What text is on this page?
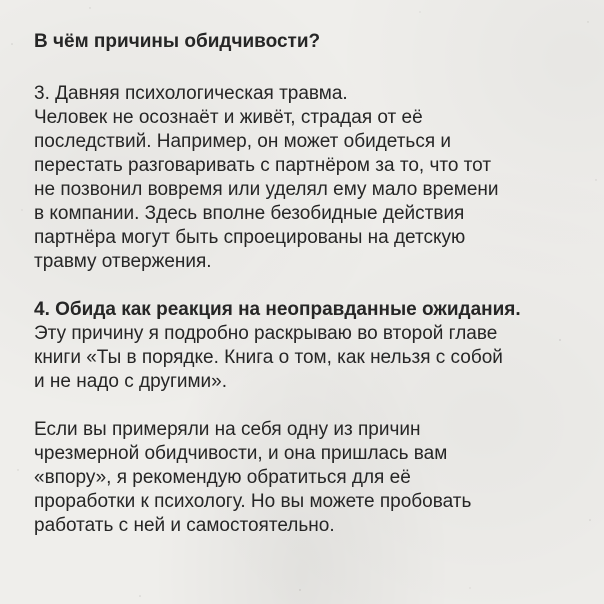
В чём причины обидчивости?

3. Давняя психологическая травма.

Человек не осознаёт и живёт, страдая от её
последствий. Например, он может обидеться и
перестать разговаривать с партнёром за то, что тот
не позвонил вовремя или уделял ему мало времени
в компании. Здесь вполне безобидные действия
партнёра могут быть спроецированы на детскую
травму отвержения.

4. Обида как реакция на неоправданные ожидания.

Эту причину я подробно раскрываю во второй главе
книги «Ты в порядке. Книга о том, как нельзя с собой
и не надо с другими».

Если вы примеряли на себя одну из причин
чрезмерной обидчивости, и она пришлась вам
«впору», я рекомендую обратиться для её
проработки к психологу. Но вы можете пробовать
работать с ней и самостоятельно.
